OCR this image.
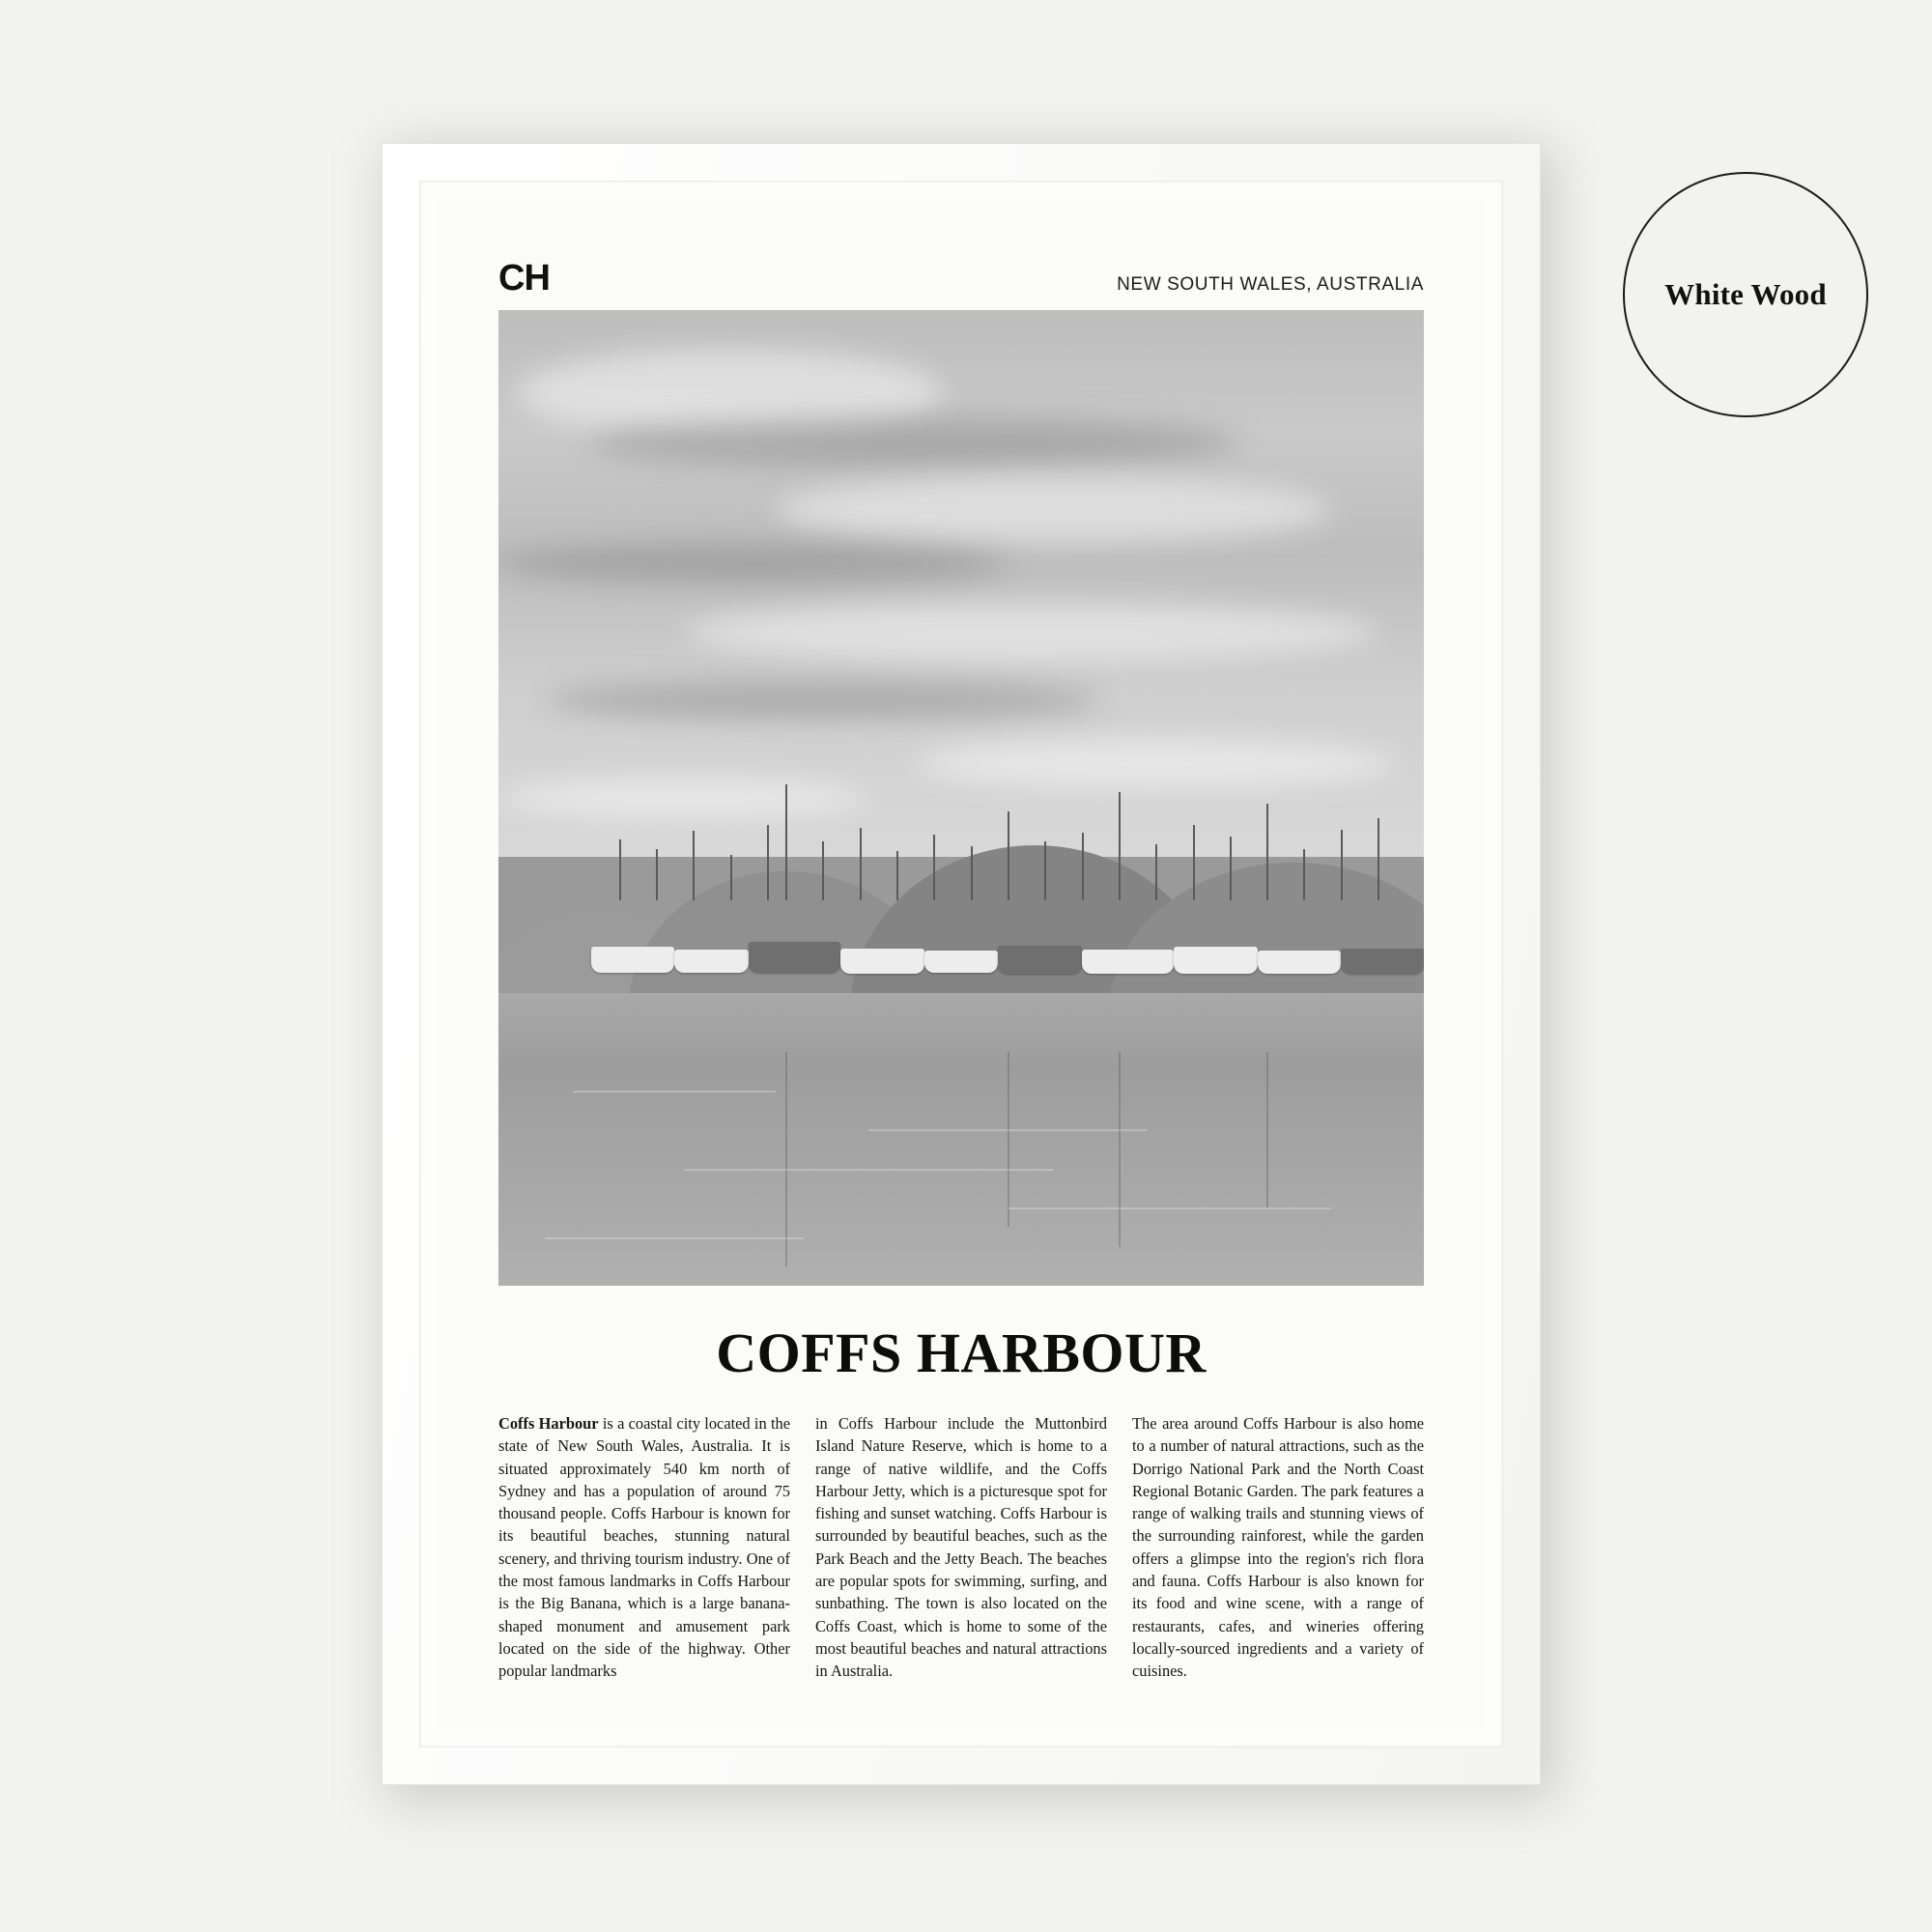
CH	NEW SOUTH WALES, AUSTRALIA
COFFS HARBOUR
Coffs Harbour is a coastal city located in the state of New South Wales, Australia. It is situated approximately 540 km north of Sydney and has a population of around 75 thousand people. Coffs Harbour is known for its beautiful beaches, stunning natural scenery, and thriving tourism industry. One of the most famous landmarks in Coffs Harbour is the Big Banana, which is a large banana-shaped monument and amusement park located on the side of the highway. Other popular landmarks
in Coffs Harbour include the Muttonbird Island Nature Reserve, which is home to a range of native wildlife, and the Coffs Harbour Jetty, which is a picturesque spot for fishing and sunset watching. Coffs Harbour is surrounded by beautiful beaches, such as the Park Beach and the Jetty Beach. The beaches are popular spots for swimming, surfing, and sunbathing. The town is also located on the Coffs Coast, which is home to some of the most beautiful beaches and natural attractions in Australia.
The area around Coffs Harbour is also home to a number of natural attractions, such as the Dorrigo National Park and the North Coast Regional Botanic Garden. The park features a range of walking trails and stunning views of the surrounding rainforest, while the garden offers a glimpse into the region's rich flora and fauna. Coffs Harbour is also known for its food and wine scene, with a range of restaurants, cafes, and wineries offering locally-sourced ingredients and a variety of cuisines.
White Wood
